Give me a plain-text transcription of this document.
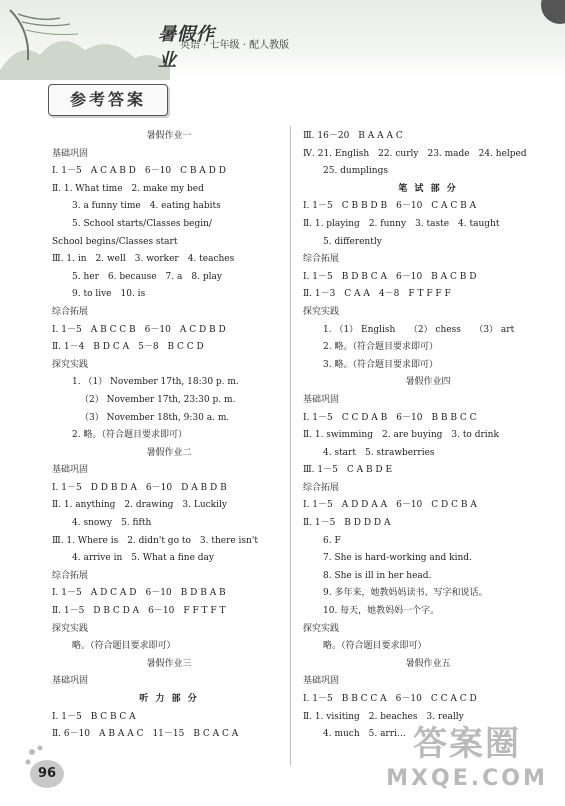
暑假作业
英语 · 七年级 · 配人教版
参考答案
暑假作业一
基础巩固
Ⅰ. 1－5　A C A B D　6－10　C B A D D
Ⅱ. 1. What time　2. make my bed
3. a funny time　4. eating habits
5. School starts/Classes begin/
School begins/Classes start
Ⅲ. 1. in　2. well　3. worker　4. teaches
5. her　6. because　7. a　8. play
9. to live　10. is
综合拓展
Ⅰ. 1－5　A B C C B　6－10　A C D B D
Ⅱ. 1－4　B D C A　5－8　B C C D
探究实践
1. （1） November 17th, 18:30 p. m.
（2） November 17th, 23:30 p. m.
（3） November 18th, 9:30 a. m.
2. 略。（符合题目要求即可）
暑假作业二
基础巩固
Ⅰ. 1－5　D D B D A　6－10　D A B D B
Ⅱ. 1. anything　2. drawing　3. Luckily
4. snowy　5. fifth
Ⅲ. 1. Where is　2. didn't go to　3. there isn't
4. arrive in　5. What a fine day
综合拓展
Ⅰ. 1－5　A D C A D　6－10　B D B A B
Ⅱ. 1－5　D B C D A　6－10　F F T F T
探究实践
略。（符合题目要求即可）
暑假作业三
基础巩固
听 力 部 分
Ⅰ. 1－5　B C B C A
Ⅱ. 6－10　A B A A C　11－15　B C A C A
Ⅲ. 16－20　B A A A C
Ⅳ. 21. English　22. curly　23. made　24. helped
25. dumplings
笔 试 部 分
Ⅰ. 1－5　C B B D B　6－10　C A C B A
Ⅱ. 1. playing　2. funny　3. taste　4. taught
5. differently
综合拓展
Ⅰ. 1－5　B D B C A　6－10　B A C B D
Ⅱ. 1－3　C A A　4－8　F T F F F
探究实践
1. （1） English　　（2） chess　　（3） art
2. 略。（符合题目要求即可）
3. 略。（符合题目要求即可）
暑假作业四
基础巩固
Ⅰ. 1－5　C C D A B　6－10　B B B C C
Ⅱ. 1. swimming　2. are buying　3. to drink
4. start　5. strawberries
Ⅲ. 1－5　C A B D E
综合拓展
Ⅰ. 1－5　A D D A A　6－10　C D C B A
Ⅱ. 1－5　B D D D A
6. F
7. She is hard-working and kind.
8. She is ill in her head.
9. 多年来，她教妈妈读书、写字和说话。
10. 每天，她教妈妈一个字。
探究实践
略。（符合题目要求即可）
暑假作业五
基础巩固
Ⅰ. 1－5　B B C C A　6－10　C C A C D
Ⅱ. 1. visiting　2. beaches　3. really
4. much　5. arri…
96
答案圈
MXQE.COM
